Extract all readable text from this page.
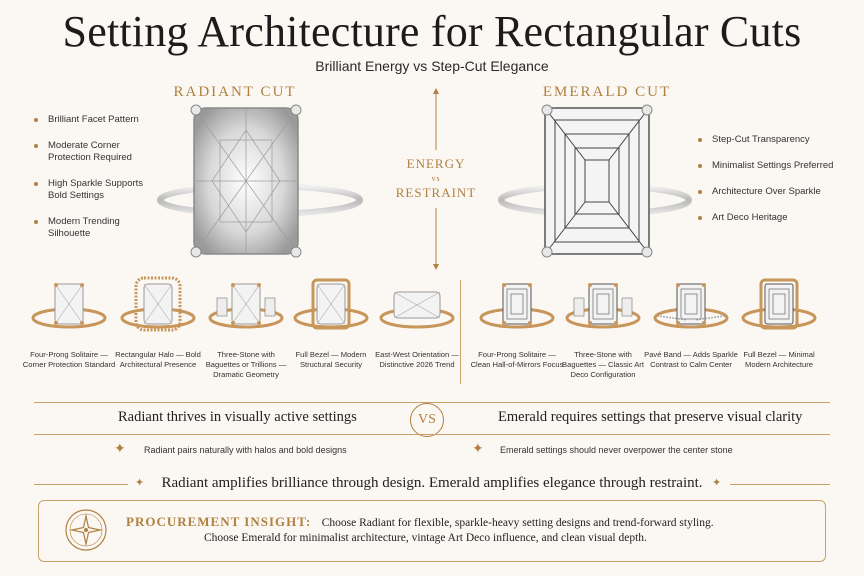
Setting Architecture for Rectangular Cuts
Brilliant Energy vs Step-Cut Elegance
RADIANT CUT
Brilliant Facet Pattern
Moderate Corner Protection Required
High Sparkle Supports Bold Settings
Modern Trending Silhouette
ENERGY
vs
RESTRAINT
EMERALD CUT
Step-Cut Transparency
Minimalist Settings Preferred
Architecture Over Sparkle
Art Deco Heritage
Four-Prong Solitaire — Corner Protection Standard
Rectangular Halo — Bold Architectural Presence
Three-Stone with Baguettes or Trillions — Dramatic Geometry
Full Bezel — Modern Structural Security
East-West Orientation — Distinctive 2026 Trend
Four-Prong Solitaire — Clean Hall-of-Mirrors Focus
Three-Stone with Baguettes — Classic Art Deco Configuration
Pavé Band — Adds Sparkle Contrast to Calm Center
Full Bezel — Minimal Modern Architecture
Radiant thrives in visually active settings	VS	Emerald requires settings that preserve visual clarity
✦ Radiant pairs naturally with halos and bold designs	✦ Emerald settings should never overpower the center stone
✦	Radiant amplifies brilliance through design. Emerald amplifies elegance through restraint. ✦
PROCUREMENT INSIGHT: Choose Radiant for flexible, sparkle-heavy setting designs and trend-forward styling.
Choose Emerald for minimalist architecture, vintage Art Deco influence, and clean visual depth.
